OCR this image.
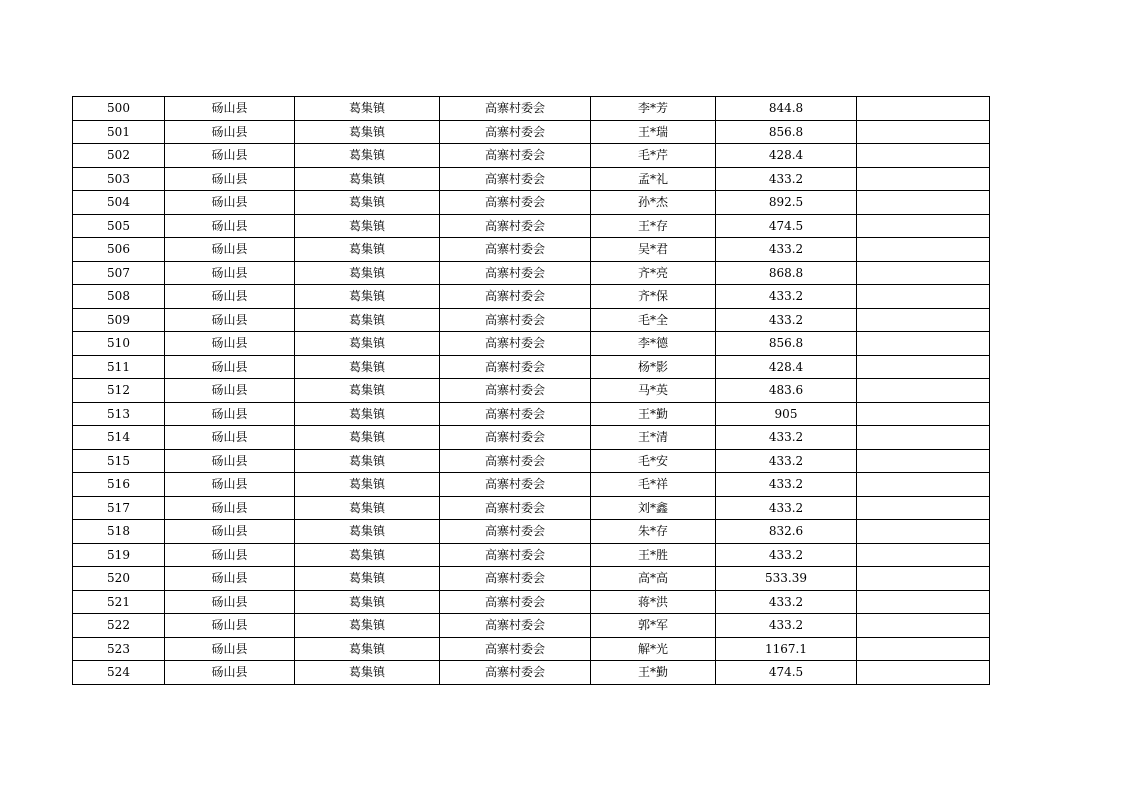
500	砀山县	葛集镇	高寨村委会	李*芳	844.8	
501	砀山县	葛集镇	高寨村委会	王*瑞	856.8	
502	砀山县	葛集镇	高寨村委会	毛*芹	428.4	
503	砀山县	葛集镇	高寨村委会	孟*礼	433.2	
504	砀山县	葛集镇	高寨村委会	孙*杰	892.5	
505	砀山县	葛集镇	高寨村委会	王*存	474.5	
506	砀山县	葛集镇	高寨村委会	吴*君	433.2	
507	砀山县	葛集镇	高寨村委会	齐*亮	868.8	
508	砀山县	葛集镇	高寨村委会	齐*保	433.2	
509	砀山县	葛集镇	高寨村委会	毛*全	433.2	
510	砀山县	葛集镇	高寨村委会	李*德	856.8	
511	砀山县	葛集镇	高寨村委会	杨*影	428.4	
512	砀山县	葛集镇	高寨村委会	马*英	483.6	
513	砀山县	葛集镇	高寨村委会	王*勤	905	
514	砀山县	葛集镇	高寨村委会	王*清	433.2	
515	砀山县	葛集镇	高寨村委会	毛*安	433.2	
516	砀山县	葛集镇	高寨村委会	毛*祥	433.2	
517	砀山县	葛集镇	高寨村委会	刘*鑫	433.2	
518	砀山县	葛集镇	高寨村委会	朱*存	832.6	
519	砀山县	葛集镇	高寨村委会	王*胜	433.2	
520	砀山县	葛集镇	高寨村委会	高*高	533.39	
521	砀山县	葛集镇	高寨村委会	蒋*洪	433.2	
522	砀山县	葛集镇	高寨村委会	郭*军	433.2	
523	砀山县	葛集镇	高寨村委会	解*光	1167.1	
524	砀山县	葛集镇	高寨村委会	王*勤	474.5	
